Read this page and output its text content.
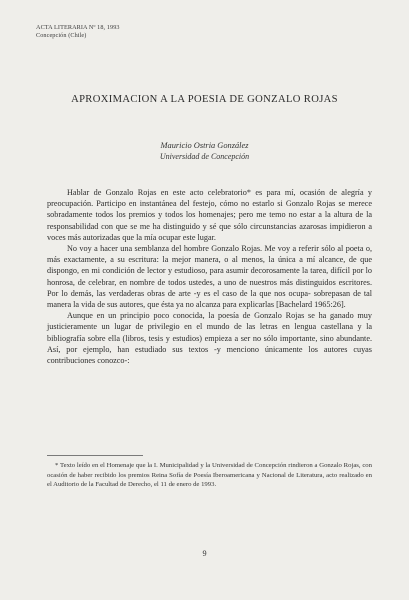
ACTA LITERARIA Nº 18, 1993
Concepción (Chile)
APROXIMACION A LA POESIA DE GONZALO ROJAS
Mauricio Ostria González
Universidad de Concepción

Hablar de Gonzalo Rojas en este acto celebratorio* es para mí, ocasión de alegría y preocupación. Participo en instantánea del festejo, cómo no estarlo si Gonzalo Rojas se merece sobradamente todos los premios y todos los homenajes; pero me temo no estar a la altura de la responsabilidad con que se me ha distinguido y sé que sólo circunstancias azarosas impidieron a voces más autorizadas que la mía ocupar este lugar.

No voy a hacer una semblanza del hombre Gonzalo Rojas. Me voy a referir sólo al poeta o, más exactamente, a su escritura: la mejor manera, o al menos, la única a mí alcance, de que dispongo, en mi condición de lector y estudioso, para asumir decorosamente la tarea, difícil por lo honrosa, de celebrar, en nombre de todos ustedes, a uno de nuestros más distinguidos escritores. Por lo demás, las verdaderas obras de arte -y es el caso de la que nos ocupa- sobrepasan de tal manera la vida de sus autores, que ésta ya no alcanza para explicarlas [Bachelard 1965:26].

Aunque en un principio poco conocida, la poesía de Gonzalo Rojas se ha ganado muy justicieramente un lugar de privilegio en el mundo de las letras en lengua castellana y la bibliografía sobre ella (libros, tesis y estudios) empieza a ser no sólo importante, sino abundante. Así, por ejemplo, han estudiado sus textos -y menciono únicamente los autores cuyas contribuciones conozco-:

* Texto leído en el Homenaje que la I. Municipalidad y la Universidad de Concepción rindieron a Gonzalo Rojas, con ocasión de haber recibido los premios Reina Sofía de Poesía Iberoamericana y Nacional de Literatura, acto realizado en el Auditorio de la Facultad de Derecho, el 11 de enero de 1993.
9
